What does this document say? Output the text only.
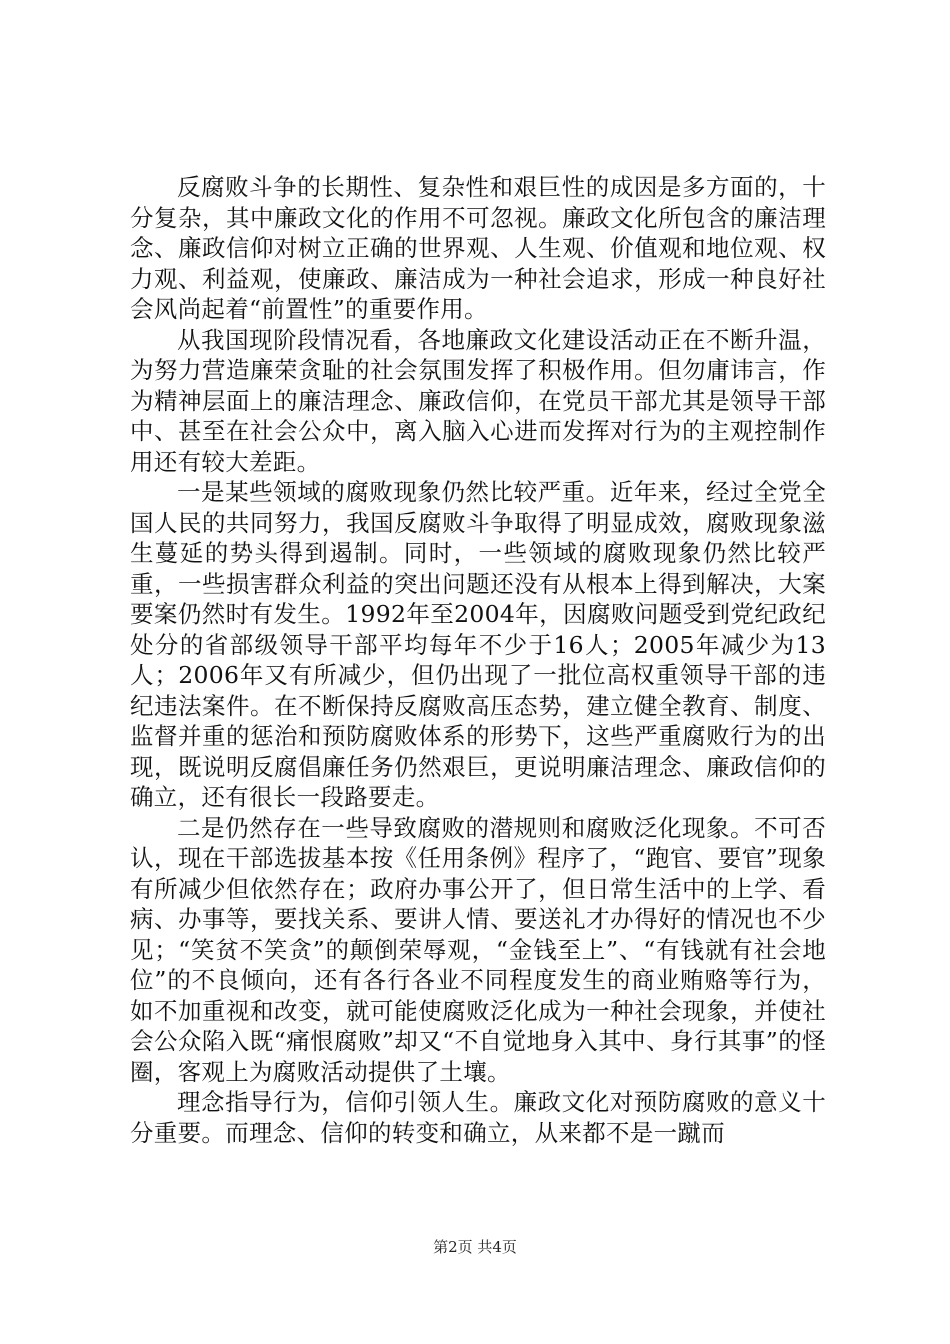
反腐败斗争的长期性、复杂性和艰巨性的成因是多方面的，十分复杂，其中廉政文化的作用不可忽视。廉政文化所包含的廉洁理念、廉政信仰对树立正确的世界观、人生观、价值观和地位观、权力观、利益观，使廉政、廉洁成为一种社会追求，形成一种良好社会风尚起着“前置性”的重要作用。

从我国现阶段情况看，各地廉政文化建设活动正在不断升温，为努力营造廉荣贪耻的社会氛围发挥了积极作用。但勿庸讳言，作为精神层面上的廉洁理念、廉政信仰，在党员干部尤其是领导干部中、甚至在社会公众中，离入脑入心进而发挥对行为的主观控制作用还有较大差距。

一是某些领域的腐败现象仍然比较严重。近年来，经过全党全国人民的共同努力，我国反腐败斗争取得了明显成效，腐败现象滋生蔓延的势头得到遏制。同时，一些领域的腐败现象仍然比较严重，一些损害群众利益的突出问题还没有从根本上得到解决，大案要案仍然时有发生。1992年至2004年，因腐败问题受到党纪政纪处分的省部级领导干部平均每年不少于16人；2005年减少为13人；2006年又有所减少，但仍出现了一批位高权重领导干部的违纪违法案件。在不断保持反腐败高压态势，建立健全教育、制度、监督并重的惩治和预防腐败体系的形势下，这些严重腐败行为的出现，既说明反腐倡廉任务仍然艰巨，更说明廉洁理念、廉政信仰的确立，还有很长一段路要走。

二是仍然存在一些导致腐败的潜规则和腐败泛化现象。不可否认，现在干部选拔基本按《任用条例》程序了，“跑官、要官”现象有所减少但依然存在；政府办事公开了，但日常生活中的上学、看病、办事等，要找关系、要讲人情、要送礼才办得好的情况也不少见；“笑贫不笑贪”的颠倒荣辱观，“金钱至上”、“有钱就有社会地位”的不良倾向，还有各行各业不同程度发生的商业贿赂等行为，如不加重视和改变，就可能使腐败泛化成为一种社会现象，并使社会公众陷入既“痛恨腐败”却又“不自觉地身入其中、身行其事”的怪圈，客观上为腐败活动提供了土壤。

理念指导行为，信仰引领人生。廉政文化对预防腐败的意义十分重要。而理念、信仰的转变和确立，从来都不是一蹴而

第2页 共4页
